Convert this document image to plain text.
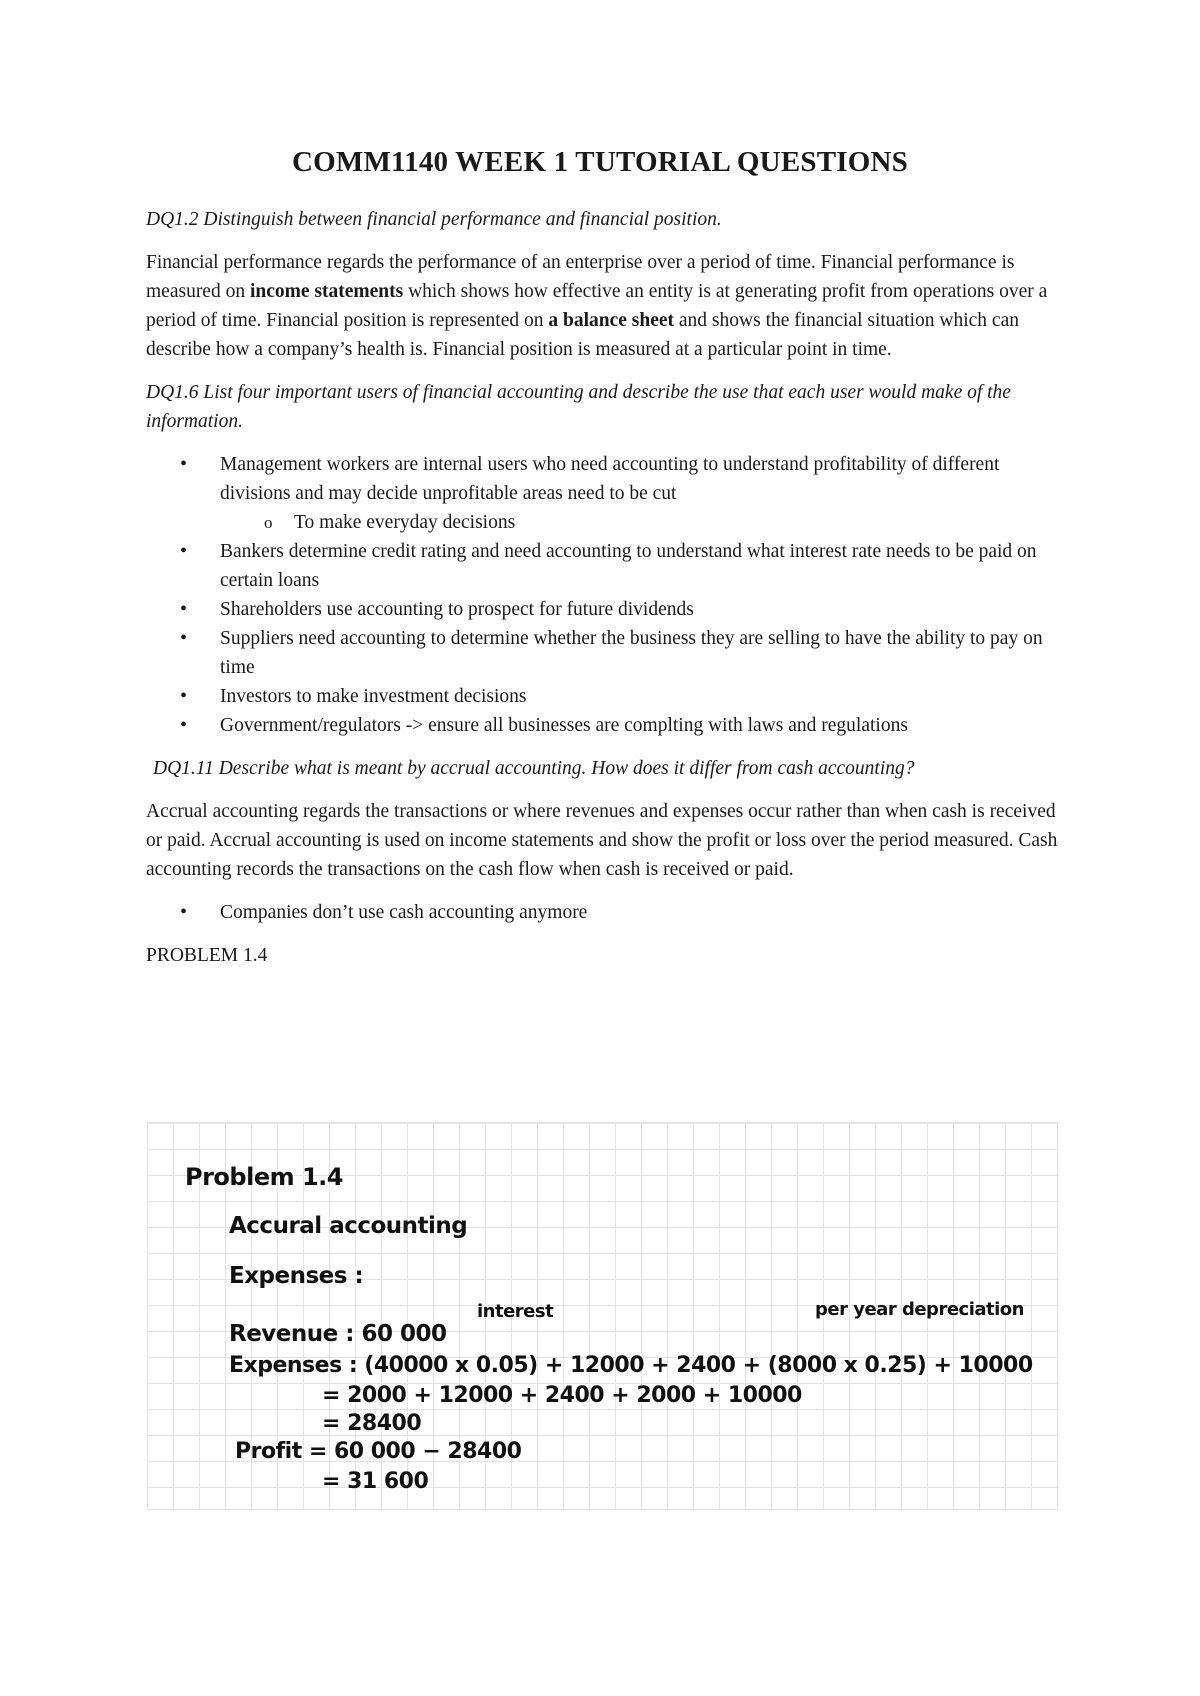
COMM1140 WEEK 1 TUTORIAL QUESTIONS

DQ1.2 Distinguish between financial performance and financial position.

Financial performance regards the performance of an enterprise over a period of time. Financial performance is measured on income statements which shows how effective an entity is at generating profit from operations over a period of time. Financial position is represented on a balance sheet and shows the financial situation which can describe how a company’s health is. Financial position is measured at a particular point in time.

DQ1.6 List four important users of financial accounting and describe the use that each user would make of the information.

• Management workers are internal users who need accounting to understand profitability of different divisions and may decide unprofitable areas need to be cut
o To make everyday decisions
• Bankers determine credit rating and need accounting to understand what interest rate needs to be paid on certain loans
• Shareholders use accounting to prospect for future dividends
• Suppliers need accounting to determine whether the business they are selling to have the ability to pay on time
• Investors to make investment decisions
• Government/regulators -> ensure all businesses are complting with laws and regulations

DQ1.11 Describe what is meant by accrual accounting. How does it differ from cash accounting?

Accrual accounting regards the transactions or where revenues and expenses occur rather than when cash is received or paid. Accrual accounting is used on income statements and show the profit or loss over the period measured. Cash accounting records the transactions on the cash flow when cash is received or paid.

• Companies don’t use cash accounting anymore

PROBLEM 1.4

Problem 1.4
Accural accounting
Expenses :
Revenue : 60 000
interest	per year depreciation
Expenses : (40000 x 0.05) + 12000 + 2400 + (8000 x 0.25) + 10000
= 2000 + 12000 + 2400 + 2000 + 10000
= 28400
Profit = 60 000 − 28400
= 31 600
